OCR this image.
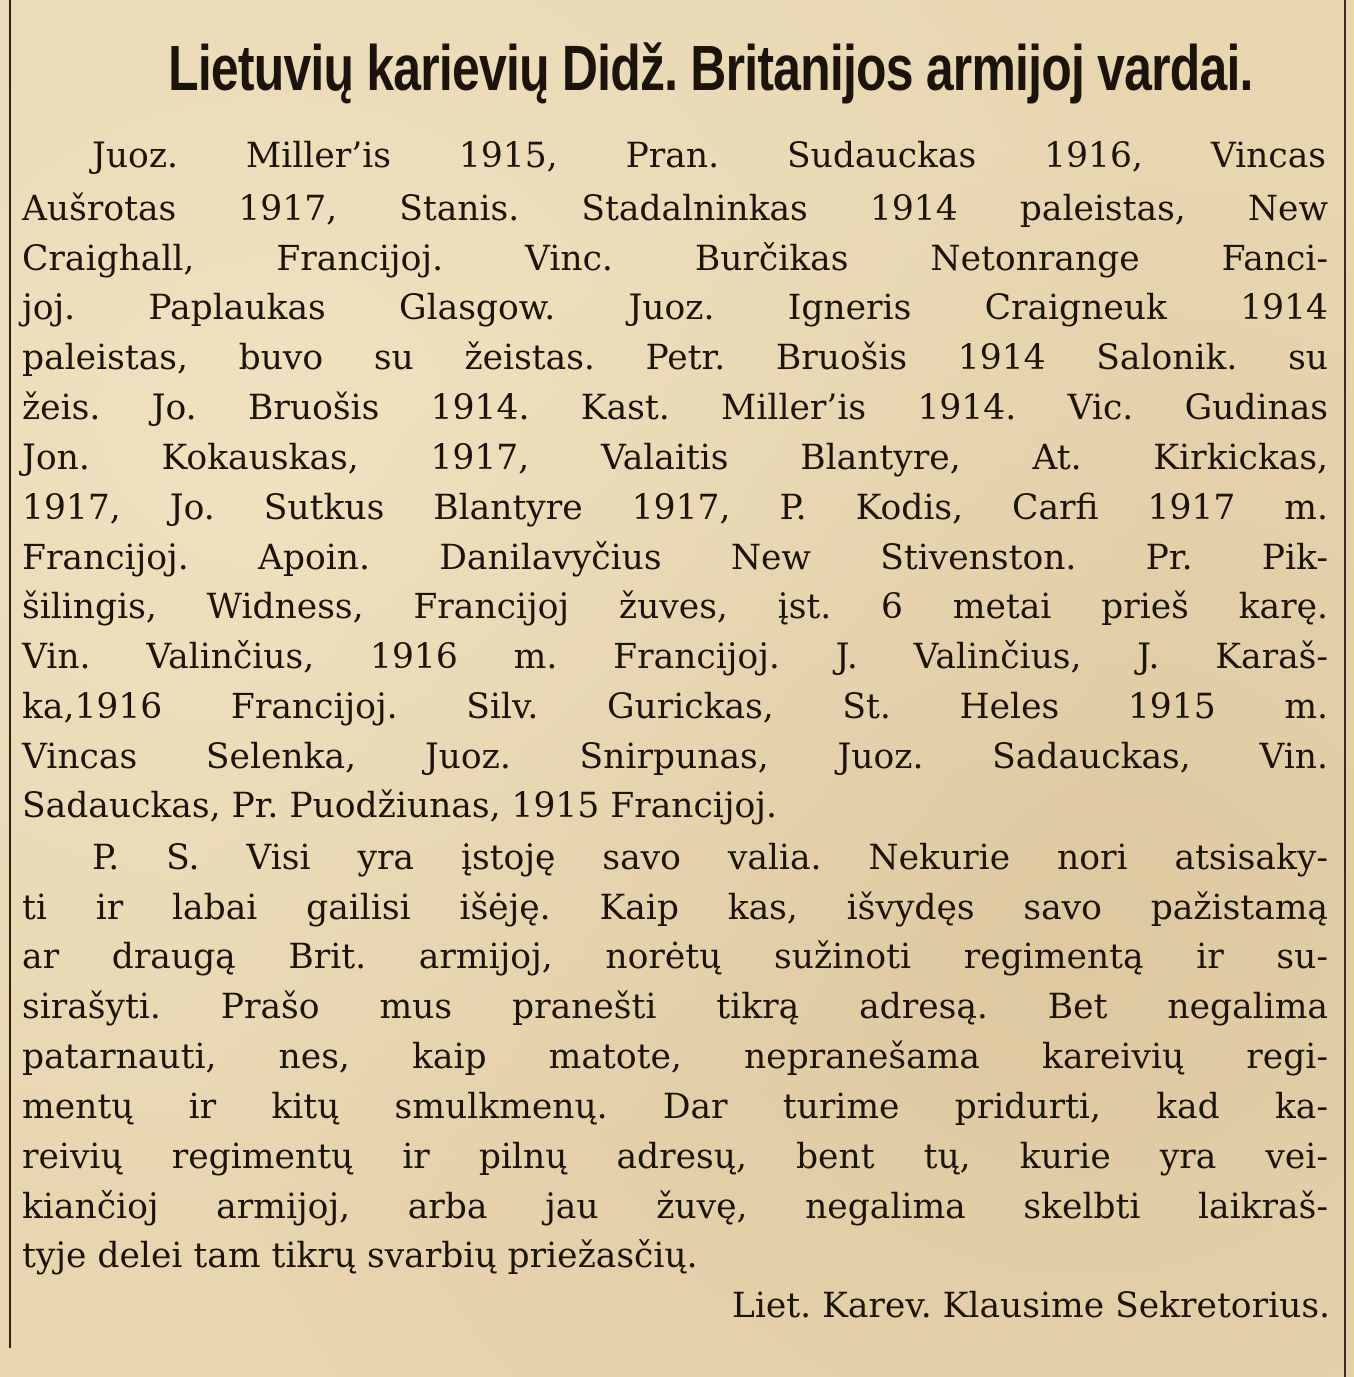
Lietuvių karievių Didž. Britanijos armijoj vardai.

Juoz. Miller’is 1915, Pran. Sudauckas 1916, Vincas

Aušrotas 1917, Stanis. Stadalninkas 1914 paleistas, New

Craighall, Francijoj. Vinc. Burčikas Netonrange Fanci-

joj. Paplaukas Glasgow. Juoz. Igneris Craigneuk 1914

paleistas, buvo su žeistas. Petr. Bruošis 1914 Salonik. su

žeis. Jo. Bruošis 1914. Kast. Miller’is 1914. Vic. Gudinas

Jon. Kokauskas, 1917, Valaitis Blantyre, At. Kirkickas,

1917, Jo. Sutkus Blantyre 1917, P. Kodis, Carfi 1917 m.

Francijoj. Apoin. Danilavyčius New Stivenston. Pr. Pik-

šilingis, Widness, Francijoj žuves, įst. 6 metai prieš karę.

Vin. Valinčius, 1916 m. Francijoj. J. Valinčius, J. Karaš-

ka,1916 Francijoj. Silv. Gurickas, St. Heles 1915 m.

Vincas Selenka, Juoz. Snirpunas, Juoz. Sadauckas, Vin.

Sadauckas, Pr. Puodžiunas, 1915 Francijoj.

P. S. Visi yra įstoję savo valia. Nekurie nori atsisaky-

ti ir labai gailisi išėję. Kaip kas, išvydęs savo pažistamą

ar draugą Brit. armijoj, norėtų sužinoti regimentą ir su-

sirašyti. Prašo mus pranešti tikrą adresą. Bet negalima

patarnauti, nes, kaip matote, nepranešama kareivių regi-

mentų ir kitų smulkmenų. Dar turime pridurti, kad ka-

reivių regimentų ir pilnų adresų, bent tų, kurie yra vei-

kiančioj armijoj, arba jau žuvę, negalima skelbti laikraš-

tyje delei tam tikrų svarbių priežasčių.

Liet. Karev. Klausime Sekretorius.
